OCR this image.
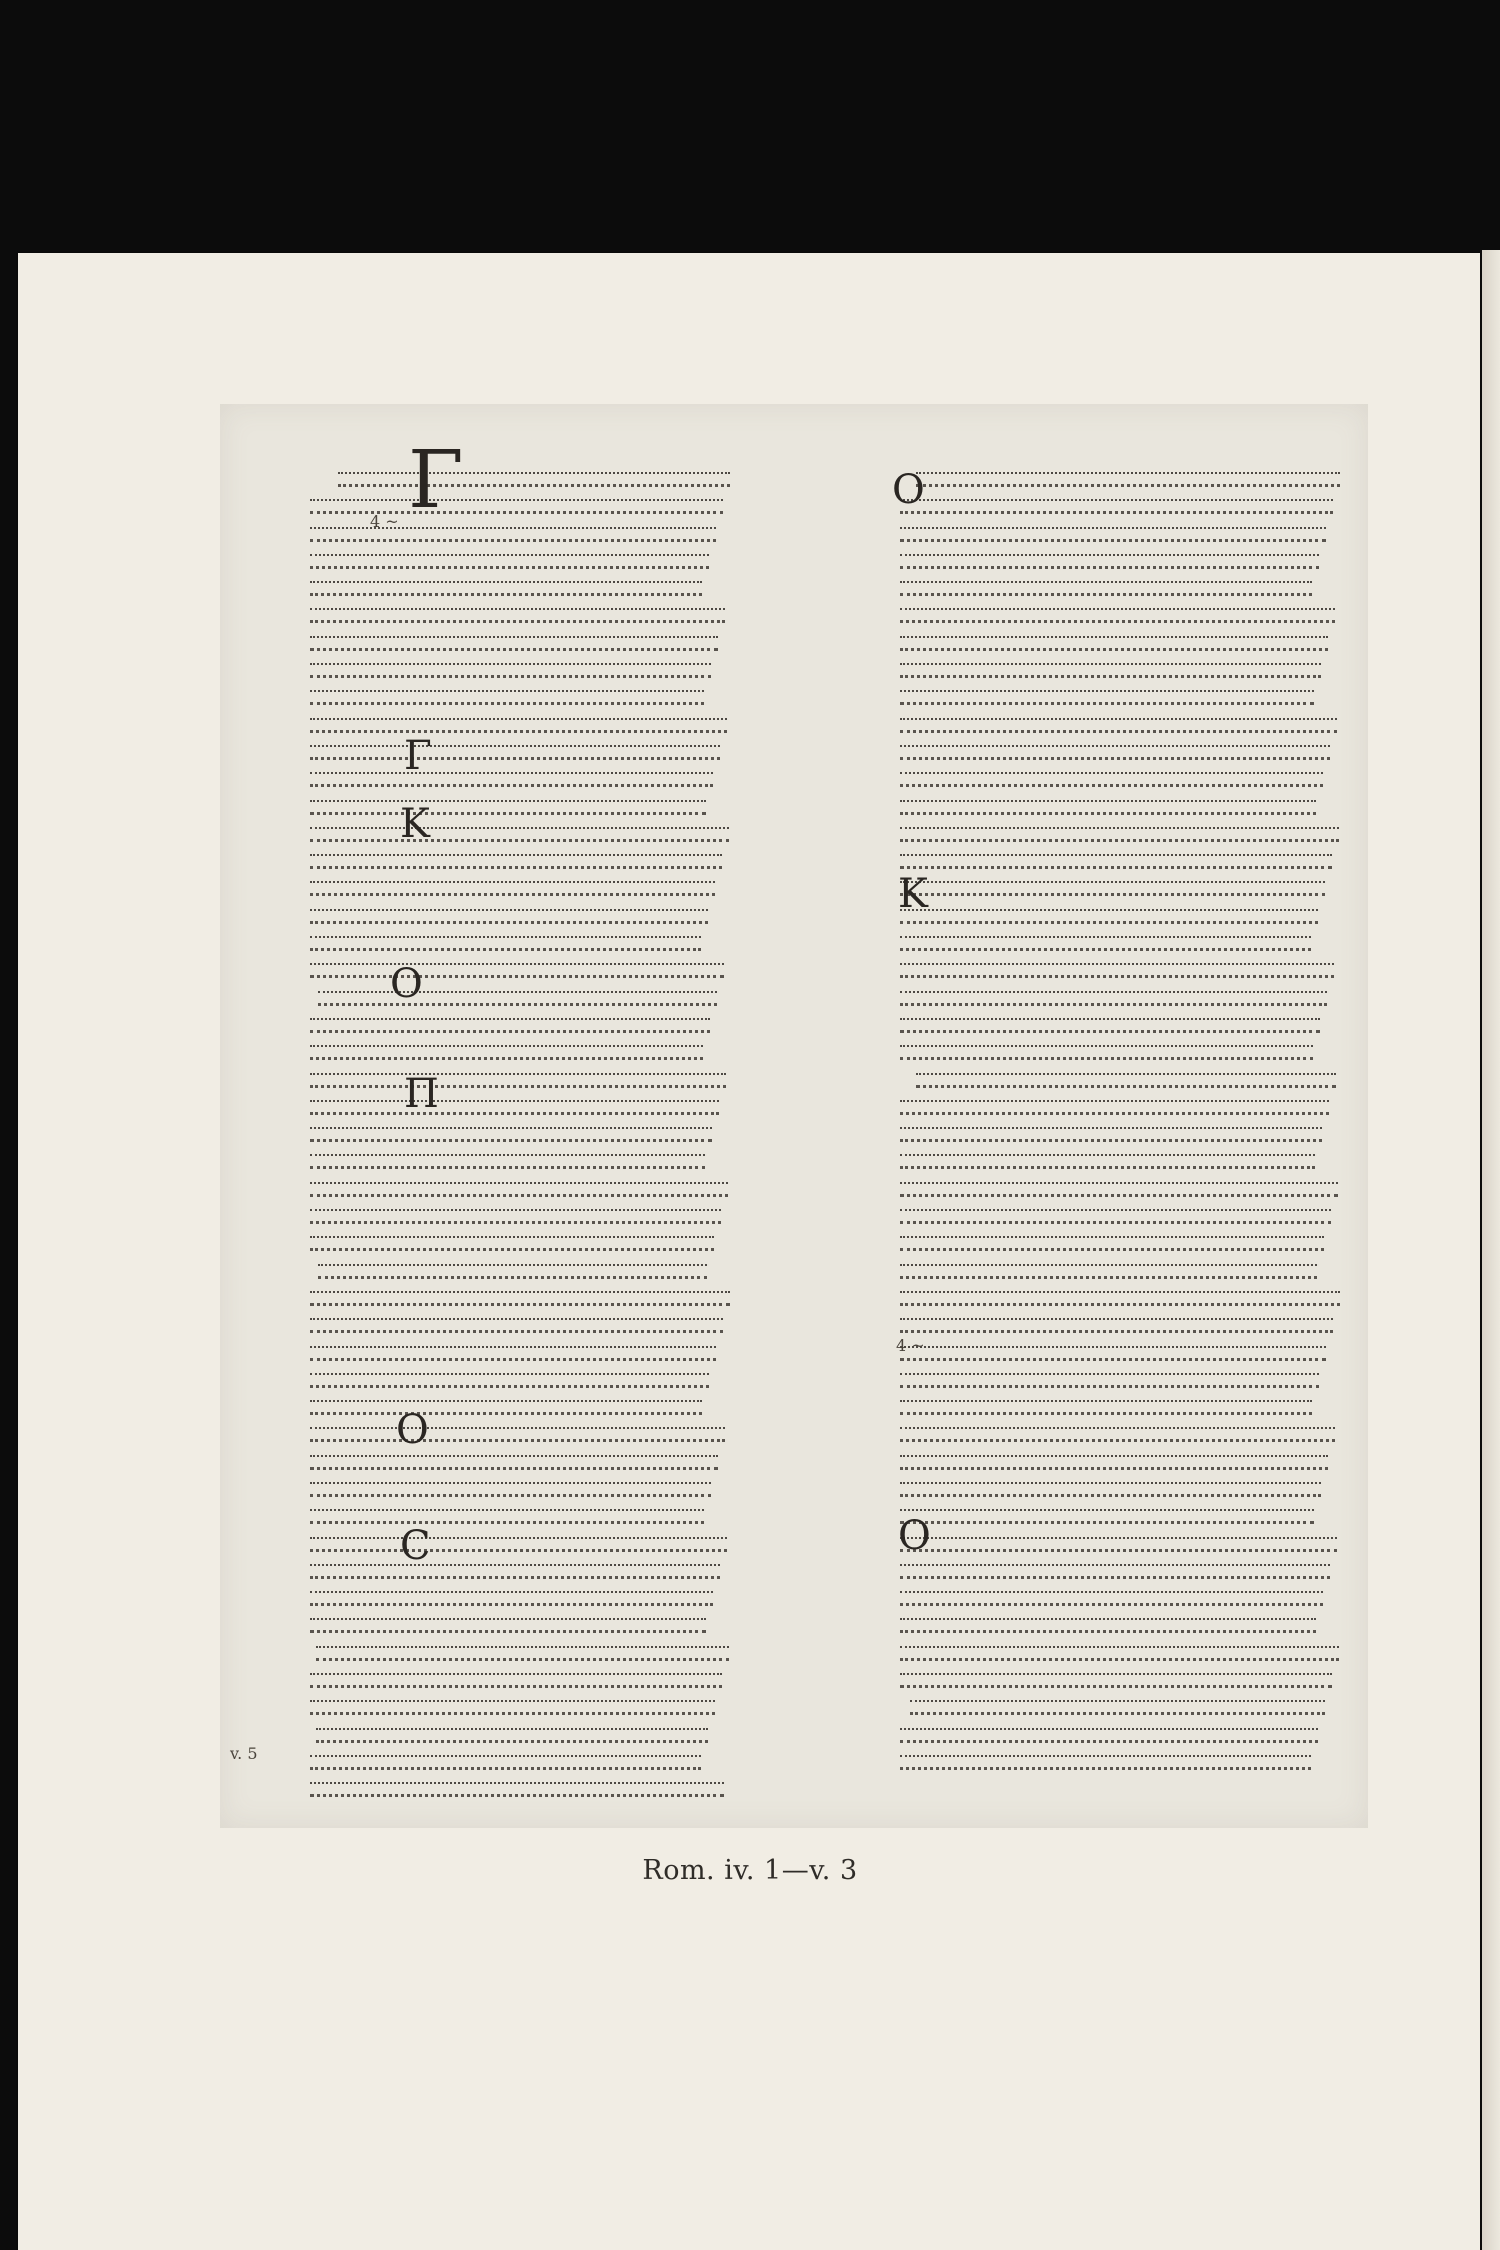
Γ
Γ
K
O
Π
O
C
O
K
O
4 ~
4 ~
v. 5
Rom. iv. 1—v. 3
